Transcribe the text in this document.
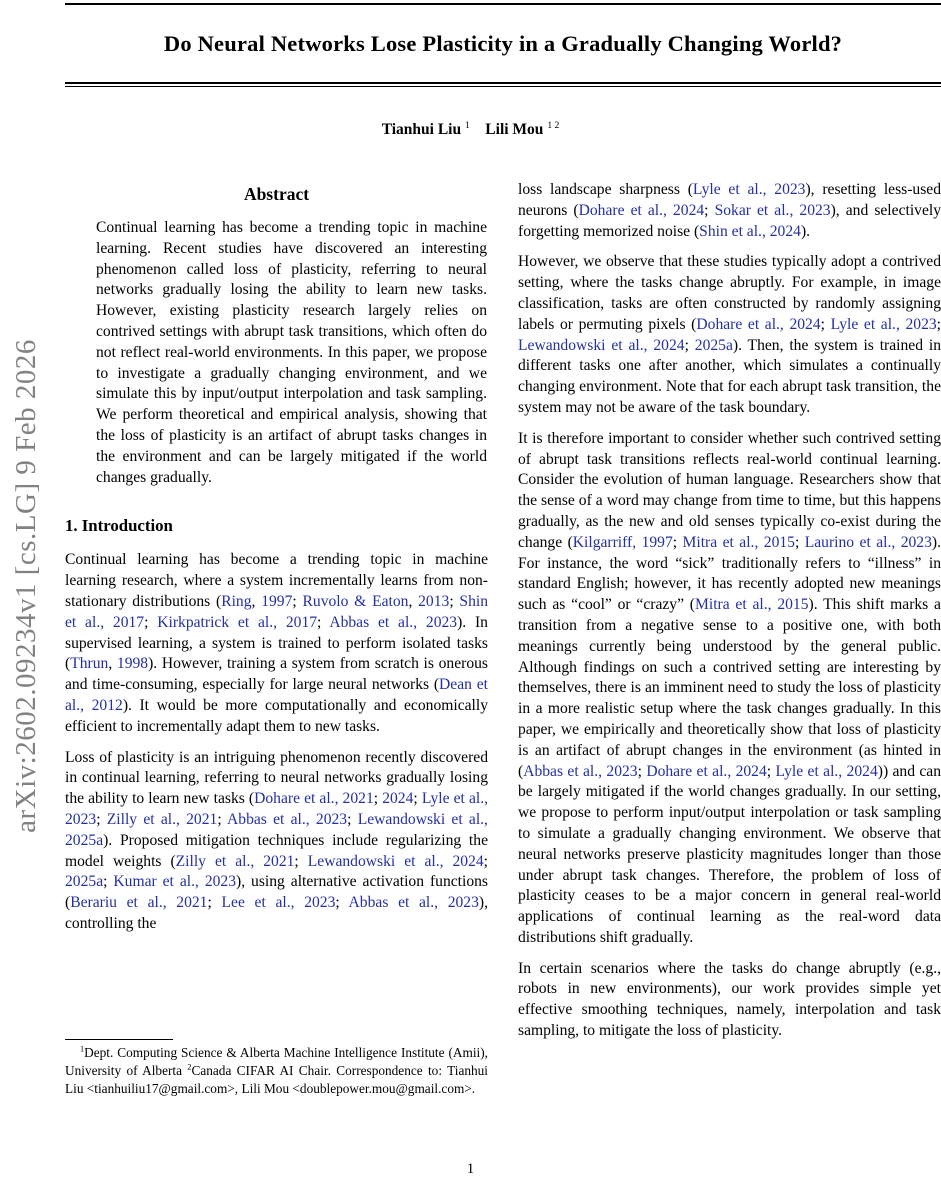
Do Neural Networks Lose Plasticity in a Gradually Changing World?
Tianhui Liu $^1$  Lili Mou $^{1 2}$
arXiv:2602.09234v1 [cs.LG] 9 Feb 2026
Abstract
Continual learning has become a trending topic in machine learning. Recent studies have discovered an interesting phenomenon called loss of plasticity, referring to neural networks gradually losing the ability to learn new tasks. However, existing plasticity research largely relies on contrived settings with abrupt task transitions, which often do not reflect real-world environments. In this paper, we propose to investigate a gradually changing environment, and we simulate this by input/output interpolation and task sampling. We perform theoretical and empirical analysis, showing that the loss of plasticity is an artifact of abrupt tasks changes in the environment and can be largely mitigated if the world changes gradually.
1. Introduction

Continual learning has become a trending topic in machine learning research, where a system incrementally learns from non-stationary distributions (Ring, 1997; Ruvolo & Eaton, 2013; Shin et al., 2017; Kirkpatrick et al., 2017; Abbas et al., 2023). In supervised learning, a system is trained to perform isolated tasks (Thrun, 1998). However, training a system from scratch is onerous and time-consuming, especially for large neural networks (Dean et al., 2012). It would be more computationally and economically efficient to incrementally adapt them to new tasks.

Loss of plasticity is an intriguing phenomenon recently discovered in continual learning, referring to neural networks gradually losing the ability to learn new tasks (Dohare et al., 2021; 2024; Lyle et al., 2023; Zilly et al., 2021; Abbas et al., 2023; Lewandowski et al., 2025a). Proposed mitigation techniques include regularizing the model weights (Zilly et al., 2021; Lewandowski et al., 2024; 2025a; Kumar et al., 2023), using alternative activation functions (Berariu et al., 2021; Lee et al., 2023; Abbas et al., 2023), controlling the

loss landscape sharpness (Lyle et al., 2023), resetting less-used neurons (Dohare et al., 2024; Sokar et al., 2023), and selectively forgetting memorized noise (Shin et al., 2024).

However, we observe that these studies typically adopt a contrived setting, where the tasks change abruptly. For example, in image classification, tasks are often constructed by randomly assigning labels or permuting pixels (Dohare et al., 2024; Lyle et al., 2023; Lewandowski et al., 2024; 2025a). Then, the system is trained in different tasks one after another, which simulates a continually changing environment. Note that for each abrupt task transition, the system may not be aware of the task boundary.

It is therefore important to consider whether such contrived setting of abrupt task transitions reflects real-world continual learning. Consider the evolution of human language. Researchers show that the sense of a word may change from time to time, but this happens gradually, as the new and old senses typically co-exist during the change (Kilgarriff, 1997; Mitra et al., 2015; Laurino et al., 2023). For instance, the word “sick” traditionally refers to “illness” in standard English; however, it has recently adopted new meanings such as “cool” or “crazy” (Mitra et al., 2015). This shift marks a transition from a negative sense to a positive one, with both meanings currently being understood by the general public. Although findings on such a contrived setting are interesting by themselves, there is an imminent need to study the loss of plasticity in a more realistic setup where the task changes gradually. In this paper, we empirically and theoretically show that loss of plasticity is an artifact of abrupt changes in the environment (as hinted in (Abbas et al., 2023; Dohare et al., 2024; Lyle et al., 2024)) and can be largely mitigated if the world changes gradually. In our setting, we propose to perform input/output interpolation or task sampling to simulate a gradually changing environment. We observe that neural networks preserve plasticity magnitudes longer than those under abrupt task changes. Therefore, the problem of loss of plasticity ceases to be a major concern in general real-world applications of continual learning as the real-word data distributions shift gradually.

In certain scenarios where the tasks do change abruptly (e.g., robots in new environments), our work provides simple yet effective smoothing techniques, namely, interpolation and task sampling, to mitigate the loss of plasticity.

$^1$Dept. Computing Science & Alberta Machine Intelligence Institute (Amii), University of Alberta $^2$Canada CIFAR AI Chair. Correspondence to: Tianhui Liu <tianhuiliu17@gmail.com>, Lili Mou <doublepower.mou@gmail.com>.

1
